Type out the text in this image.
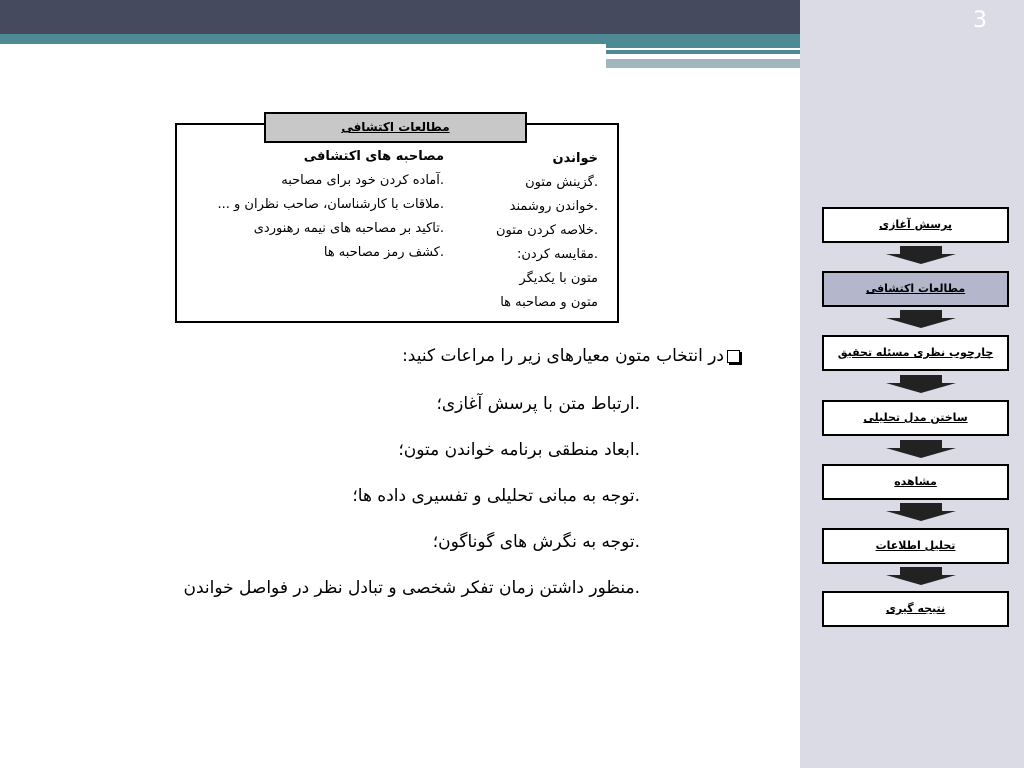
3
مطالعات اکتشافی
خواندن
.گزینش متون
.خواندن روشمند
.خلاصه کردن متون
.مقایسه کردن:
متون با یکدیگر
متون و مصاحبه ها
مصاحبه های اکتشافی
.آماده کردن خود برای مصاحبه
.ملاقات با کارشناسان، صاحب نظران و ...
.تاکید بر مصاحبه های نیمه رهنوردی
.کشف رمز مصاحبه ها
در انتخاب متون معیارهای زیر را مراعات کنید:
.ارتباط متن با پرسش آغازی؛
.ابعاد منطقی برنامه خواندن متون؛
.توجه به مبانی تحلیلی و تفسیری داده ها؛
.توجه به نگرش های گوناگون؛
.منظور داشتن زمان تفکر شخصی و تبادل نظر در فواصل خواندن
پرسش آغازی
مطالعات اکتشافی
چارچوب نظری مسئله تحقیق
ساختن مدل تحلیلی
مشاهده
تحلیل اطلاعات
نتیجه گیری
